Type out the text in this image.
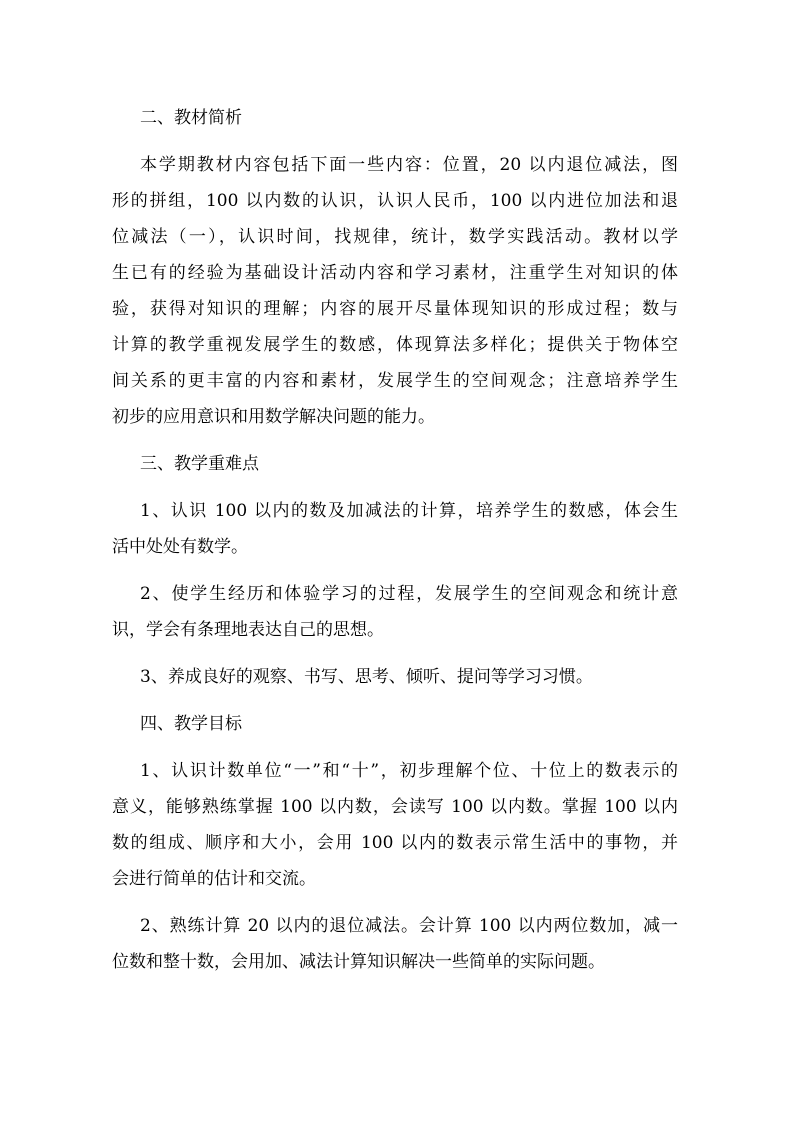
二、教材简析
本学期教材内容包括下面一些内容：位置，20 以内退位减法，图
形的拼组，100 以内数的认识，认识人民币，100 以内进位加法和退
位减法（一），认识时间，找规律，统计，数学实践活动。教材以学
生已有的经验为基础设计活动内容和学习素材，注重学生对知识的体
验，获得对知识的理解；内容的展开尽量体现知识的形成过程；数与
计算的教学重视发展学生的数感，体现算法多样化；提供关于物体空
间关系的更丰富的内容和素材，发展学生的空间观念；注意培养学生
初步的应用意识和用数学解决问题的能力。
三、教学重难点
1、认识 100 以内的数及加减法的计算，培养学生的数感，体会生
活中处处有数学。
2、使学生经历和体验学习的过程，发展学生的空间观念和统计意
识，学会有条理地表达自己的思想。
3、养成良好的观察、书写、思考、倾听、提问等学习习惯。
四、教学目标
1、认识计数单位“一”和“十”，初步理解个位、十位上的数表示的
意义，能够熟练掌握 100 以内数，会读写 100 以内数。掌握 100 以内
数的组成、顺序和大小，会用 100 以内的数表示常生活中的事物，并
会进行简单的估计和交流。
2、熟练计算 20 以内的退位减法。会计算 100 以内两位数加，减一
位数和整十数，会用加、减法计算知识解决一些简单的实际问题。
